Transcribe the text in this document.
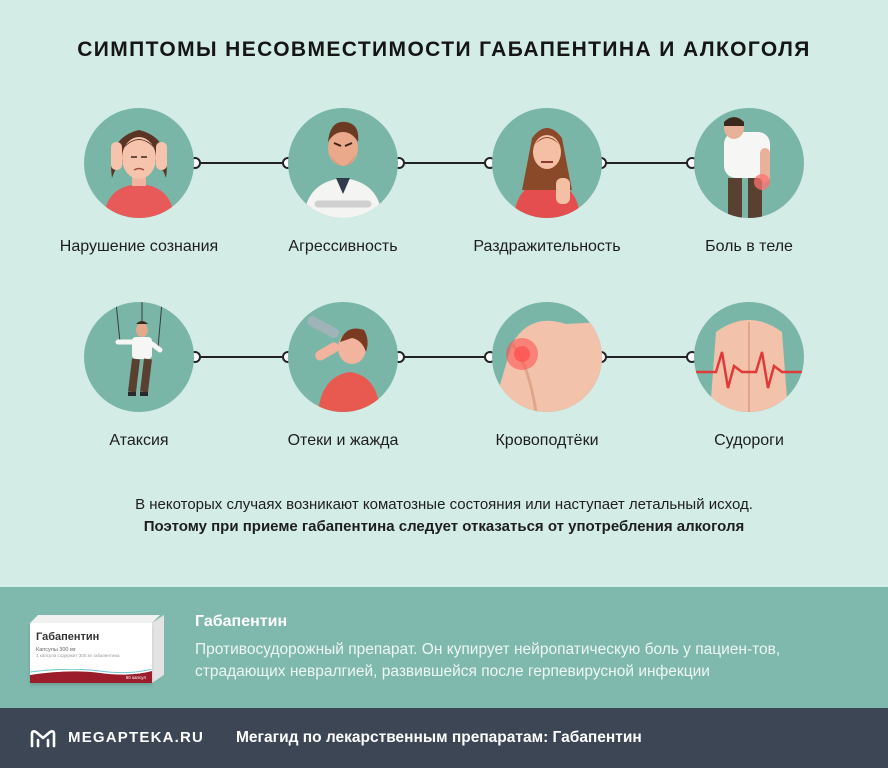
СИМПТОМЫ НЕСОВМЕСТИМОСТИ ГАБАПЕНТИНА И АЛКОГОЛЯ
Нарушение сознания	Агрессивность	Раздражительность	Боль в теле
Атаксия	Отеки и жажда	Кровоподтёки	Судороги
В некоторых случаях возникают коматозные состояния или наступает летальный исход.
Поэтому при приеме габапентина следует отказаться от употребления алкоголя
Габапентин
Капсулы 300 мг
1 капсула содержит 300 мг габапентина
50 капсул
Габапентин
Противосудорожный препарат. Он купирует нейропатическую боль у пациен-тов, страдающих невралгией, развившейся после герпевирусной инфекции
MEGAPTEKA.RU Мегагид по лекарственным препаратам: Габапентин
